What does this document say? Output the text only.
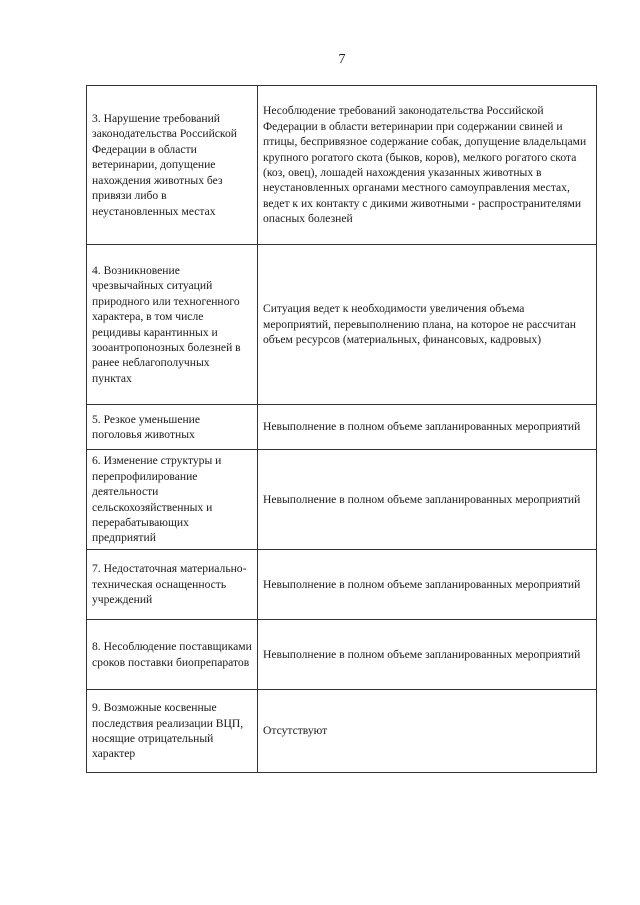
7
3. Нарушение требований законодательства Российской Федерации в области ветеринарии, допущение нахождения животных без привязи либо в неустановленных местах	Несоблюдение требований законодательства Российской Федерации в области ветеринарии при содержании свиней и птицы, беспривязное содержание собак, допущение владельцами крупного рогатого скота (быков, коров), мелкого рогатого скота (коз, овец), лошадей нахождения указанных животных в неустановленных органами местного самоуправления местах, ведет к их контакту с дикими животными - распространителями опасных болезней
4. Возникновение чрезвычайных ситуаций природного или техногенного характера, в том числе рецидивы карантинных и зооантропонозных болезней в ранее неблагополучных пунктах	Ситуация ведет к необходимости увеличения объема мероприятий, перевыполнению плана, на которое не рассчитан объем ресурсов (материальных, финансовых, кадровых)
5. Резкое уменьшение поголовья животных	Невыполнение в полном объеме запланированных мероприятий
6. Изменение структуры и перепрофилирование деятельности сельскохозяйственных и перерабатывающих предприятий	Невыполнение в полном объеме запланированных мероприятий
7. Недостаточная материально-техническая оснащенность учреждений	Невыполнение в полном объеме запланированных мероприятий
8. Несоблюдение поставщиками сроков поставки биопрепаратов	Невыполнение в полном объеме запланированных мероприятий
9. Возможные косвенные последствия реализации ВЦП, носящие отрицательный характер	Отсутствуют
